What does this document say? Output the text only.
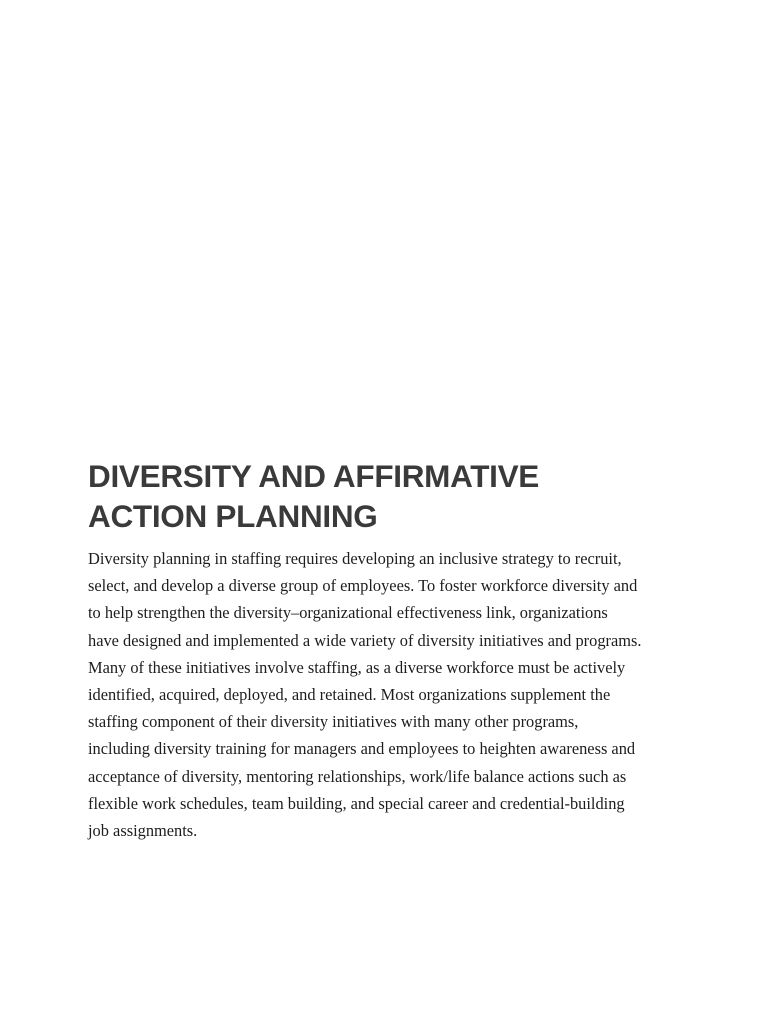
DIVERSITY AND AFFIRMATIVE
ACTION PLANNING
Diversity planning in staffing requires developing an inclusive strategy to recruit,
select, and develop a diverse group of employees. To foster workforce diversity and
to help strengthen the diversity–organizational effectiveness link, organizations
have designed and implemented a wide variety of diversity initiatives and programs.
Many of these initiatives involve staffing, as a diverse workforce must be actively
identified, acquired, deployed, and retained. Most organizations supplement the
staffing component of their diversity initiatives with many other programs,
including diversity training for managers and employees to heighten awareness and
acceptance of diversity, mentoring relationships, work/life balance actions such as
flexible work schedules, team building, and special career and credential-building
job assignments.
